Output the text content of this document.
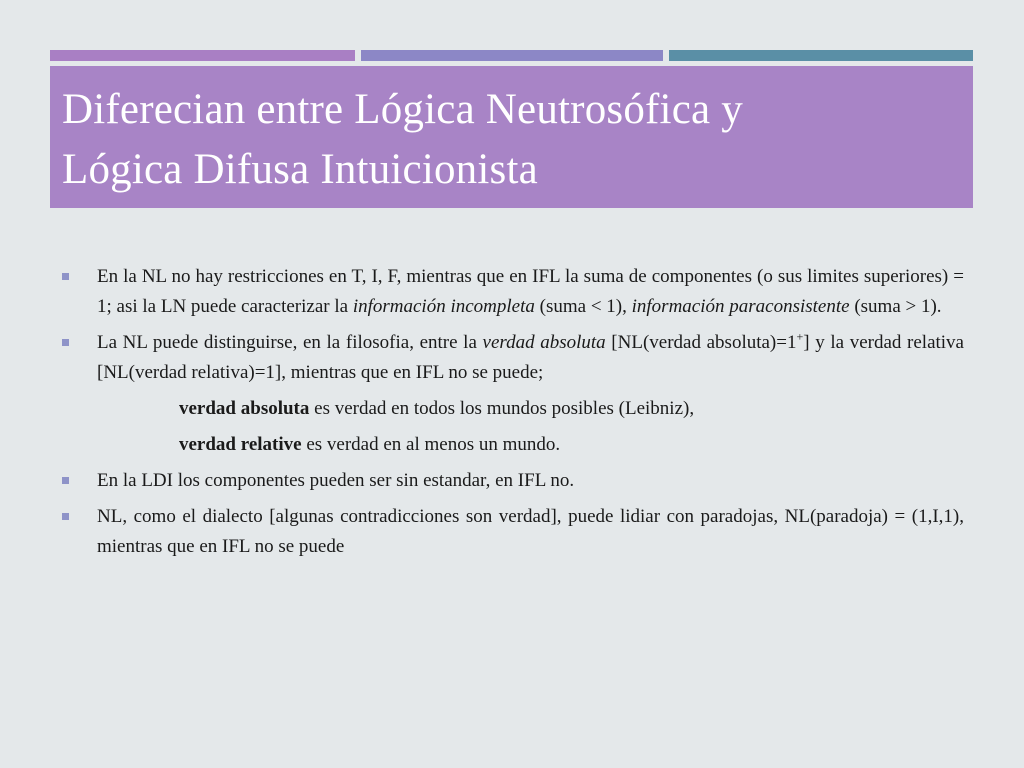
Diferecian entre Lógica Neutrosófica y
Lógica Difusa Intuicionista

En la NL no hay restricciones en T, I, F, mientras que en IFL la suma de componentes (o sus limites superiores) = 1; asi la LN puede caracterizar la información incompleta (suma < 1), información paraconsistente (suma > 1).

La NL puede distinguirse, en la filosofia, entre la verdad absoluta [NL(verdad absoluta)=1+] y la verdad relativa [NL(verdad relativa)=1], mientras que en IFL no se puede;

verdad absoluta es verdad en todos los mundos posibles (Leibniz),

verdad relative es verdad en al menos un mundo.

En la LDI los componentes pueden ser sin estandar, en IFL no.

NL, como el dialecto [algunas contradicciones son verdad], puede lidiar con paradojas, NL(paradoja) = (1,I,1), mientras que en IFL no se puede
